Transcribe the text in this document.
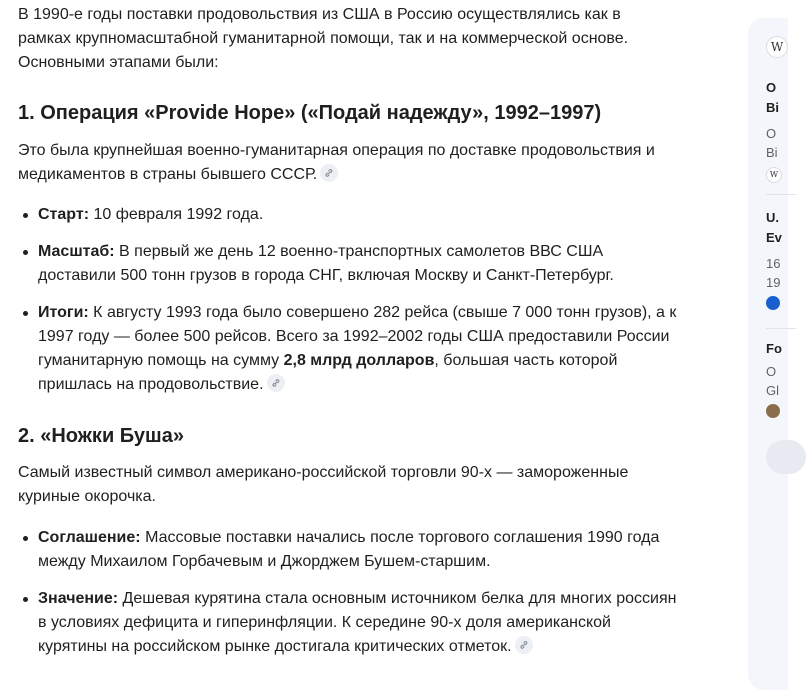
В 1990-е годы поставки продовольствия из США в Россию осуществлялись как в рамках крупномасштабной гуманитарной помощи, так и на коммерческой основе. Основными этапами были:

1. Операция «Provide Hope» («Подай надежду», 1992–1997)

Это была крупнейшая военно-гуманитарная операция по доставке продовольствия и медикаментов в страны бывшего СССР.

Старт: 10 февраля 1992 года.
Масштаб: В первый же день 12 военно-транспортных самолетов ВВС США доставили 500 тонн грузов в города СНГ, включая Москву и Санкт-Петербург.
Итоги: К августу 1993 года было совершено 282 рейса (свыше 7 000 тонн грузов), а к 1997 году — более 500 рейсов. Всего за 1992–2002 годы США предоставили России гуманитарную помощь на сумму 2,8 млрд долларов, большая часть которой пришлась на продовольствие.
2. «Ножки Буша»

Самый известный символ американо-российской торговли 90-х — замороженные куриные окорочка.

Соглашение: Массовые поставки начались после торгового соглашения 1990 года между Михаилом Горбачевым и Джорджем Бушем-старшим.
Значение: Дешевая курятина стала основным источником белка для многих россиян в условиях дефицита и гиперинфляции. К середине 90-х доля американской курятины на российском рынке достигала критических отметок.
W
О
Ві
О
Ві
W
U.
Ev
16
19
Fo
О
Gl
